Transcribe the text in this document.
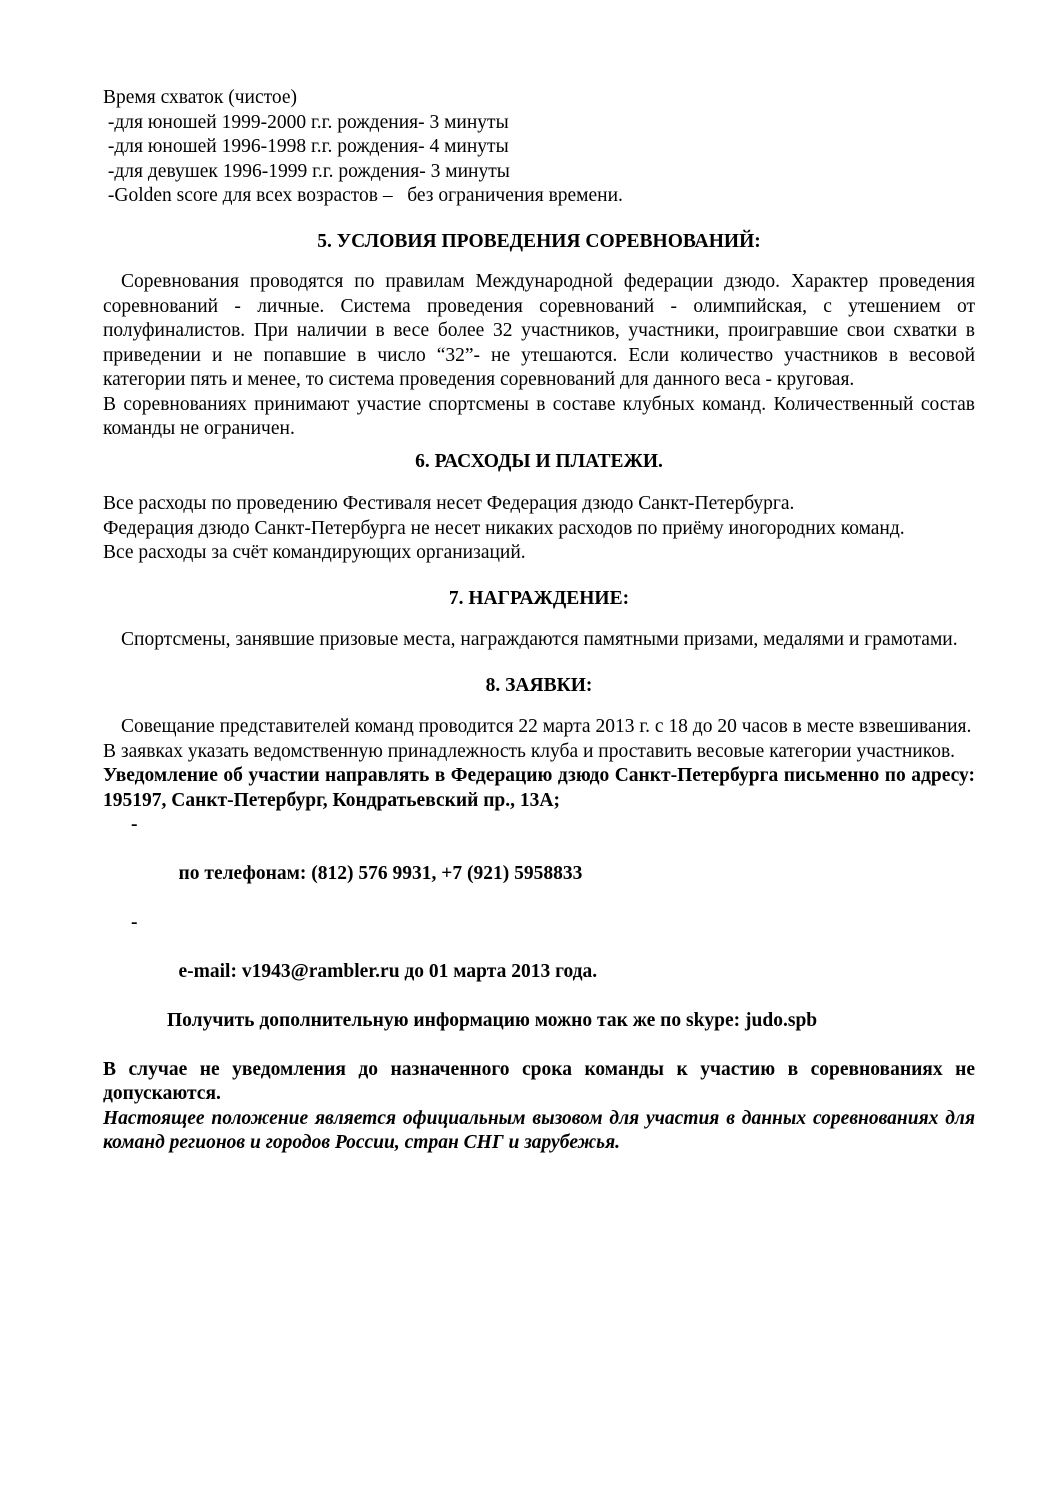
Время схваток (чистое)

-для юношей 1999-2000 г.г. рождения- 3 минуты

-для юношей 1996-1998 г.г. рождения- 4 минуты

-для девушек 1996-1999 г.г. рождения- 3 минуты

-Golden score для всех возрастов –   без ограничения времени.

5. УСЛОВИЯ ПРОВЕДЕНИЯ СОРЕВНОВАНИЙ:

Соревнования проводятся по правилам Международной федерации дзюдо. Характер проведения соревнований - личные. Система проведения соревнований - олимпийская, с утешением от полуфиналистов. При наличии в весе более 32 участников, участники, проигравшие свои схватки в приведении и не попавшие в число “32”- не утешаются. Если количество участников в весовой категории пять и менее, то система проведения соревнований для данного веса - круговая.

В соревнованиях принимают участие спортсмены в составе клубных команд. Количественный состав команды не ограничен.

6. РАСХОДЫ И ПЛАТЕЖИ.

Все расходы по проведению Фестиваля несет Федерация дзюдо Санкт-Петербурга.

Федерация дзюдо Санкт-Петербурга не несет никаких расходов по приёму иногородних команд.

Все расходы за счёт командирующих организаций.

7. НАГРАЖДЕНИЕ:

Спортсмены, занявшие призовые места, награждаются памятными призами, медалями и грамотами.

8. ЗАЯВКИ:

Совещание представителей команд проводится 22 марта 2013 г. с 18 до 20 часов в месте взвешивания.

В заявках указать ведомственную принадлежность клуба и проставить весовые категории участников.

Уведомление об участии направлять в Федерацию дзюдо Санкт-Петербурга письменно по адресу: 195197, Санкт-Петербург, Кондратьевский пр., 13А;

-

по телефонам: (812) 576 9931, +7 (921) 5958833

-

e-mail: v1943@rambler.ru до 01 марта 2013 года.

Получить дополнительную информацию можно так же по skype: judo.spb

В случае не уведомления до назначенного срока команды к участию в соревнованиях не допускаются.

Настоящее положение является официальным вызовом для участия в данных соревнованиях для команд регионов и городов России, стран СНГ и зарубежья.
